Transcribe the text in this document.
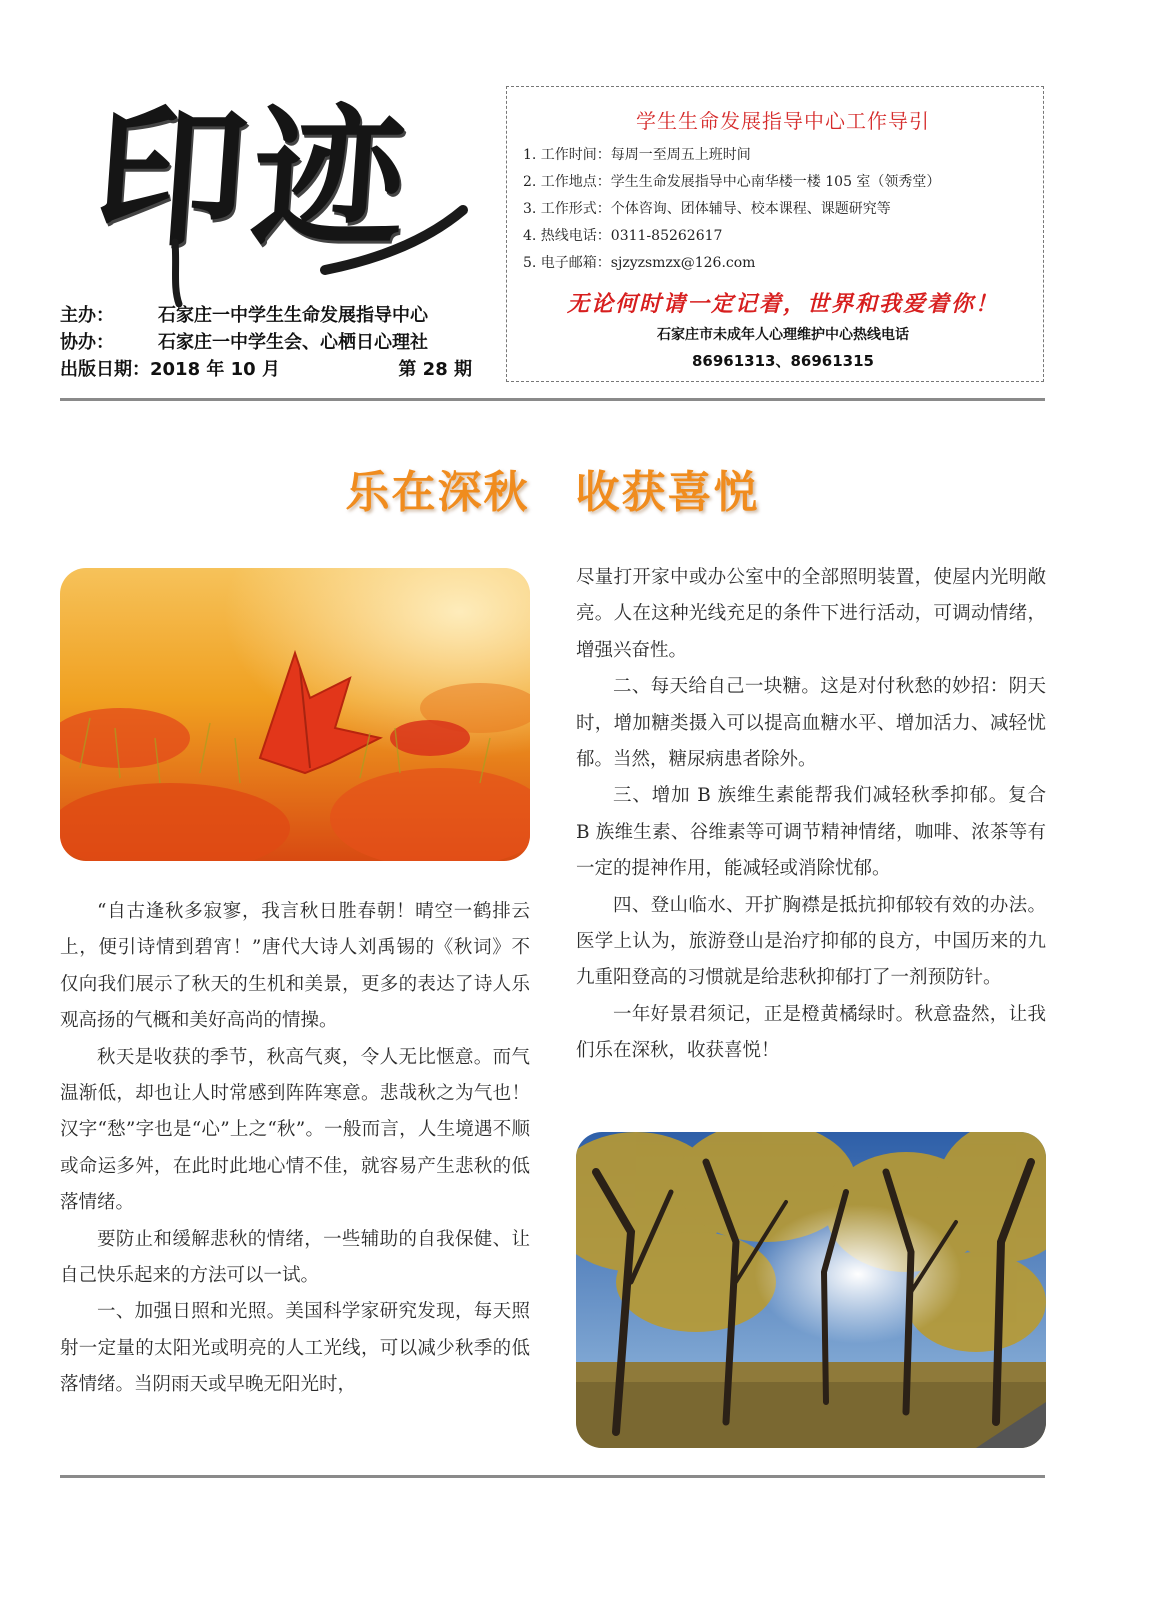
印迹
主办：	石家庄一中学生生命发展指导中心
协办：	石家庄一中学生会、心栖日心理社
出版日期：2018 年 10 月	第 28 期
学生生命发展指导中心工作导引
1. 工作时间：每周一至周五上班时间
2. 工作地点：学生生命发展指导中心南华楼一楼 105 室（领秀堂）
3. 工作形式：个体咨询、团体辅导、校本课程、课题研究等
4. 热线电话：0311-85262617
5. 电子邮箱：sjzyzsmzx@126.com
无论何时请一定记着，世界和我爱着你！
石家庄市未成年人心理维护中心热线电话
86961313、86961315
乐在深秋　收获喜悦

“自古逢秋多寂寥，我言秋日胜春朝！晴空一鹤排云上，便引诗情到碧宵！”唐代大诗人刘禹锡的《秋词》不仅向我们展示了秋天的生机和美景，更多的表达了诗人乐观高扬的气概和美好高尚的情操。

秋天是收获的季节，秋高气爽，令人无比惬意。而气温渐低，却也让人时常感到阵阵寒意。悲哉秋之为气也！汉字“愁”字也是“心”上之“秋”。一般而言，人生境遇不顺或命运多舛，在此时此地心情不佳，就容易产生悲秋的低落情绪。

要防止和缓解悲秋的情绪，一些辅助的自我保健、让自己快乐起来的方法可以一试。

一、加强日照和光照。美国科学家研究发现，每天照射一定量的太阳光或明亮的人工光线，可以减少秋季的低落情绪。当阴雨天或早晚无阳光时，

尽量打开家中或办公室中的全部照明装置，使屋内光明敞亮。人在这种光线充足的条件下进行活动，可调动情绪，增强兴奋性。

二、每天给自己一块糖。这是对付秋愁的妙招：阴天时，增加糖类摄入可以提高血糖水平、增加活力、减轻忧郁。当然，糖尿病患者除外。

三、增加 B 族维生素能帮我们减轻秋季抑郁。复合 B 族维生素、谷维素等可调节精神情绪，咖啡、浓茶等有一定的提神作用，能减轻或消除忧郁。

四、登山临水、开扩胸襟是抵抗抑郁较有效的办法。医学上认为，旅游登山是治疗抑郁的良方，中国历来的九九重阳登高的习惯就是给悲秋抑郁打了一剂预防针。

一年好景君须记，正是橙黄橘绿时。秋意盎然，让我们乐在深秋，收获喜悦！
